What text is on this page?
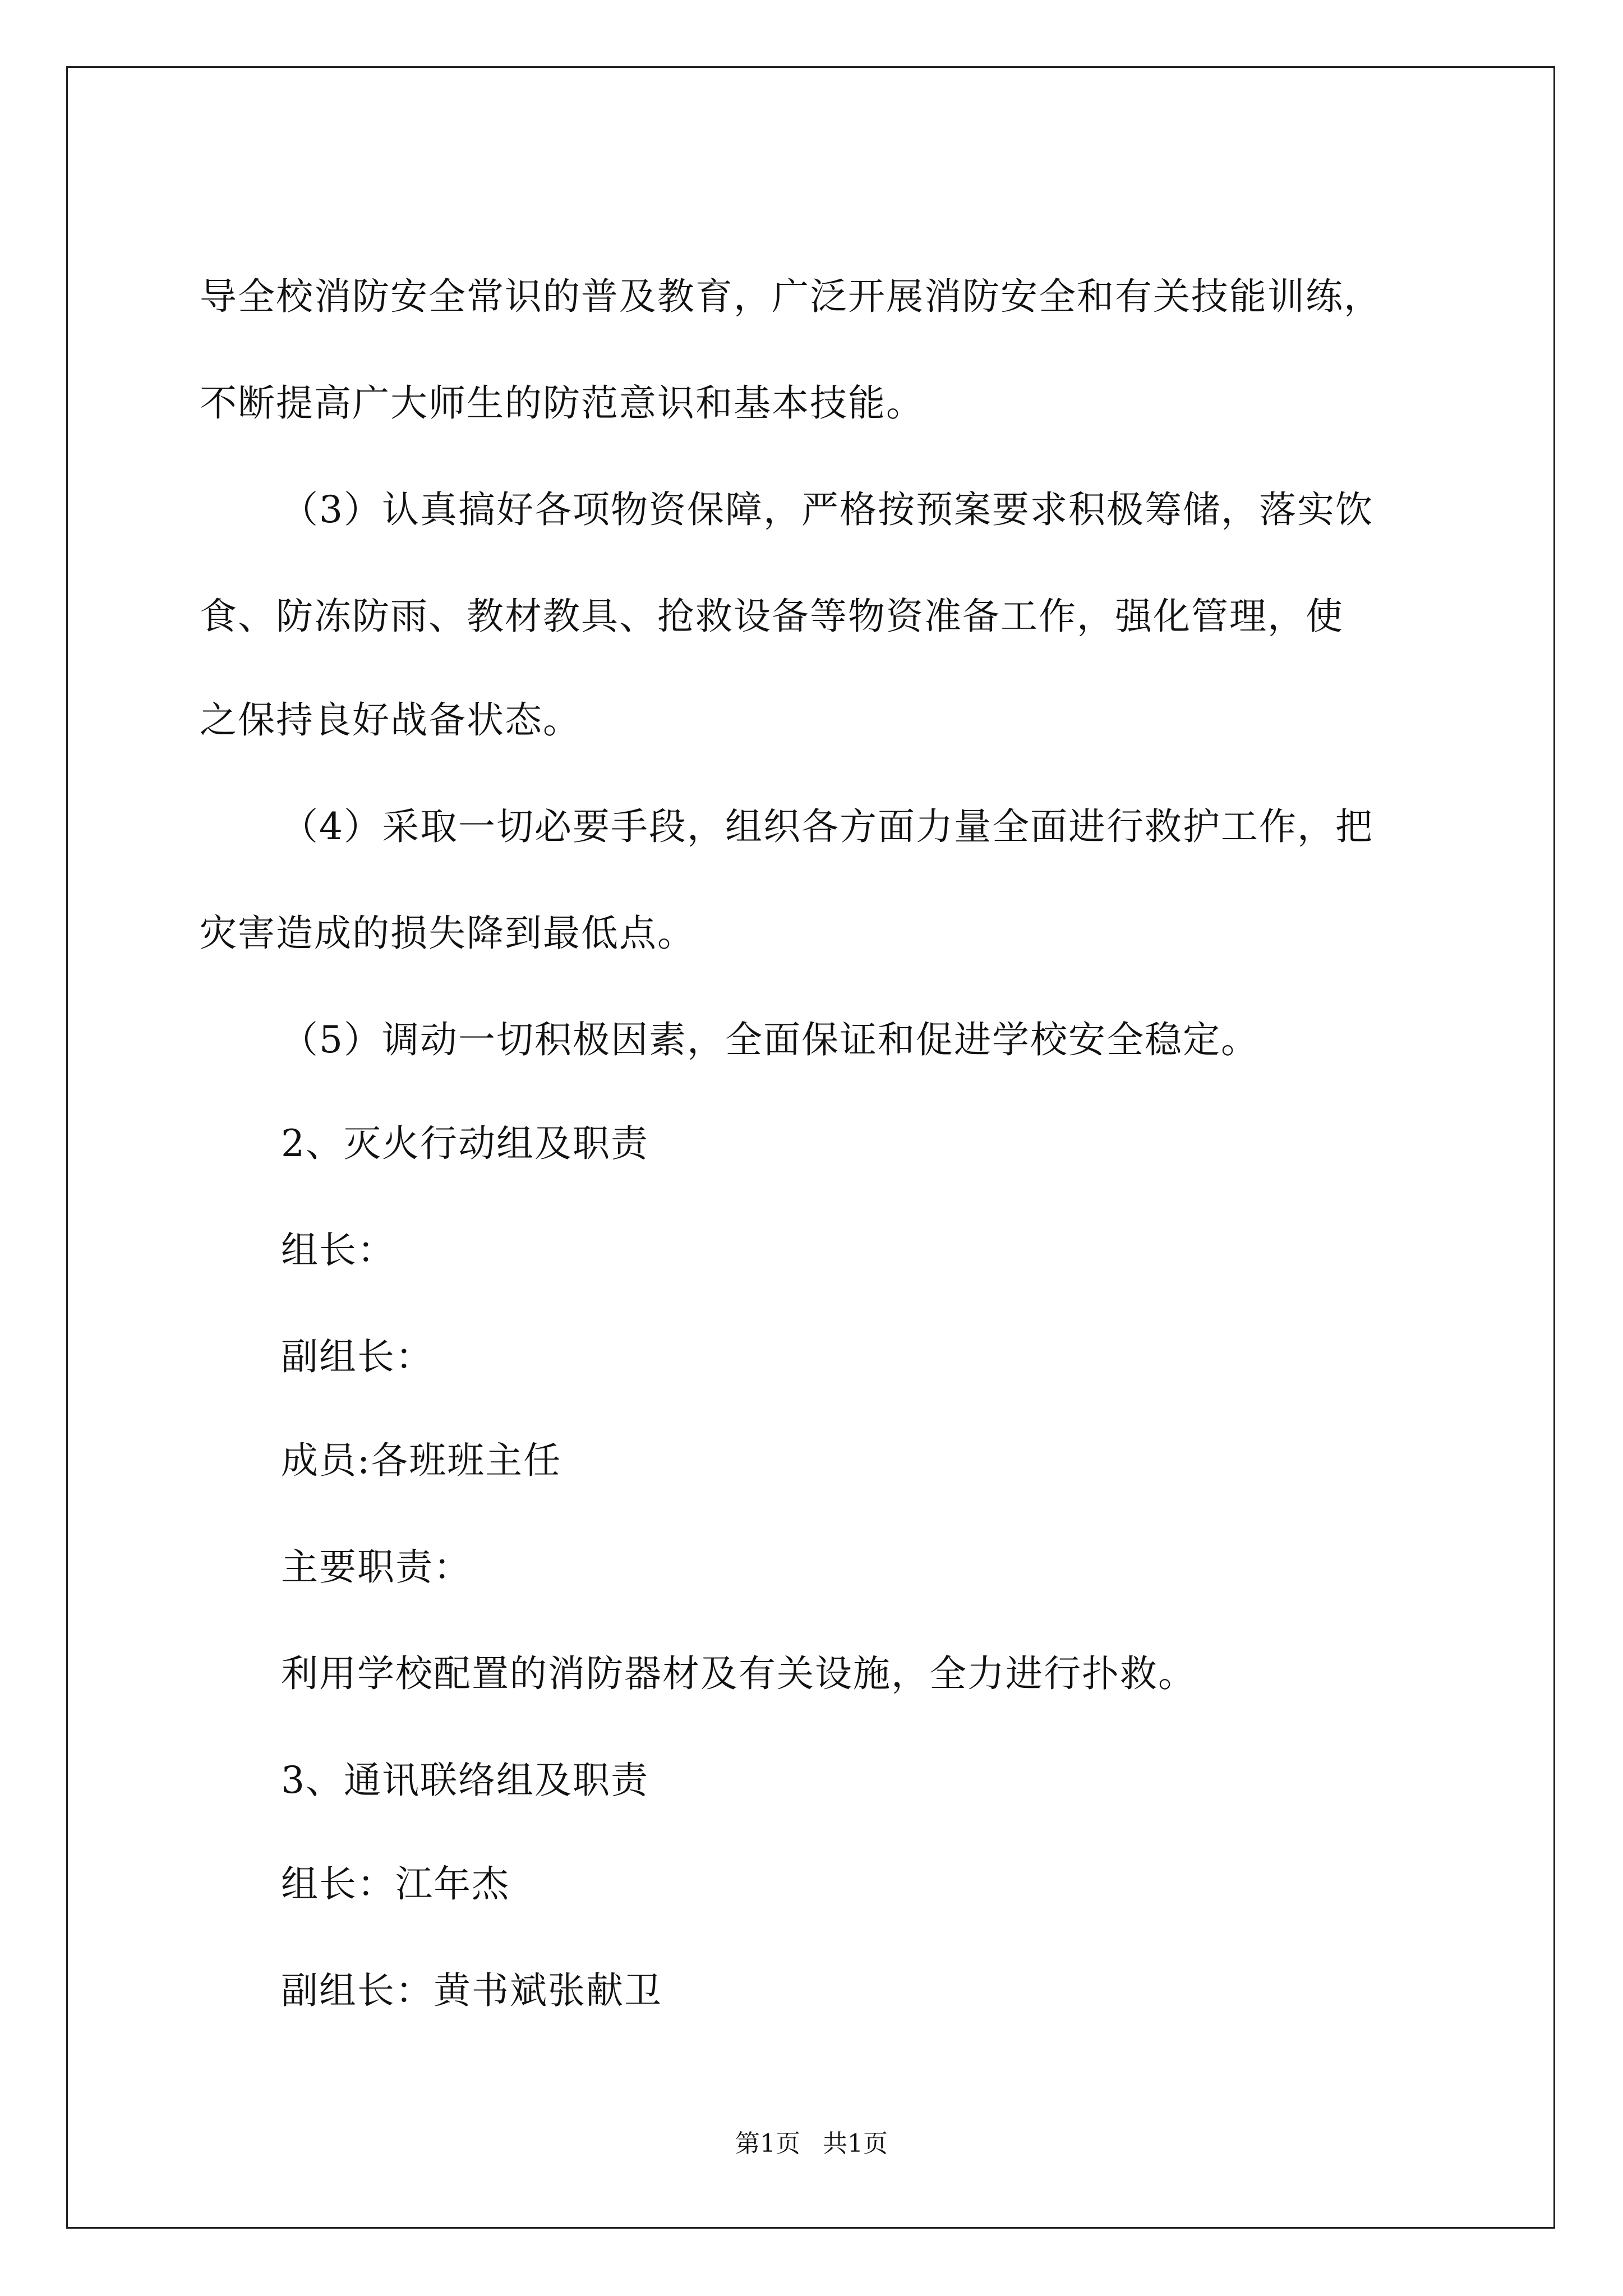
导全校消防安全常识的普及教育，广泛开展消防安全和有关技能训练，
不断提高广大师生的防范意识和基本技能。
（3）认真搞好各项物资保障，严格按预案要求积极筹储，落实饮
食、防冻防雨、教材教具、抢救设备等物资准备工作，强化管理，使
之保持良好战备状态。
（4）采取一切必要手段，组织各方面力量全面进行救护工作，把
灾害造成的损失降到最低点。
（5）调动一切积极因素，全面保证和促进学校安全稳定。
2、灭火行动组及职责
组长：
副组长：
成员:各班班主任
主要职责：
利用学校配置的消防器材及有关设施，全力进行扑救。
3、通讯联络组及职责
组长：江年杰
副组长：黄书斌张献卫
第1页 共1页
